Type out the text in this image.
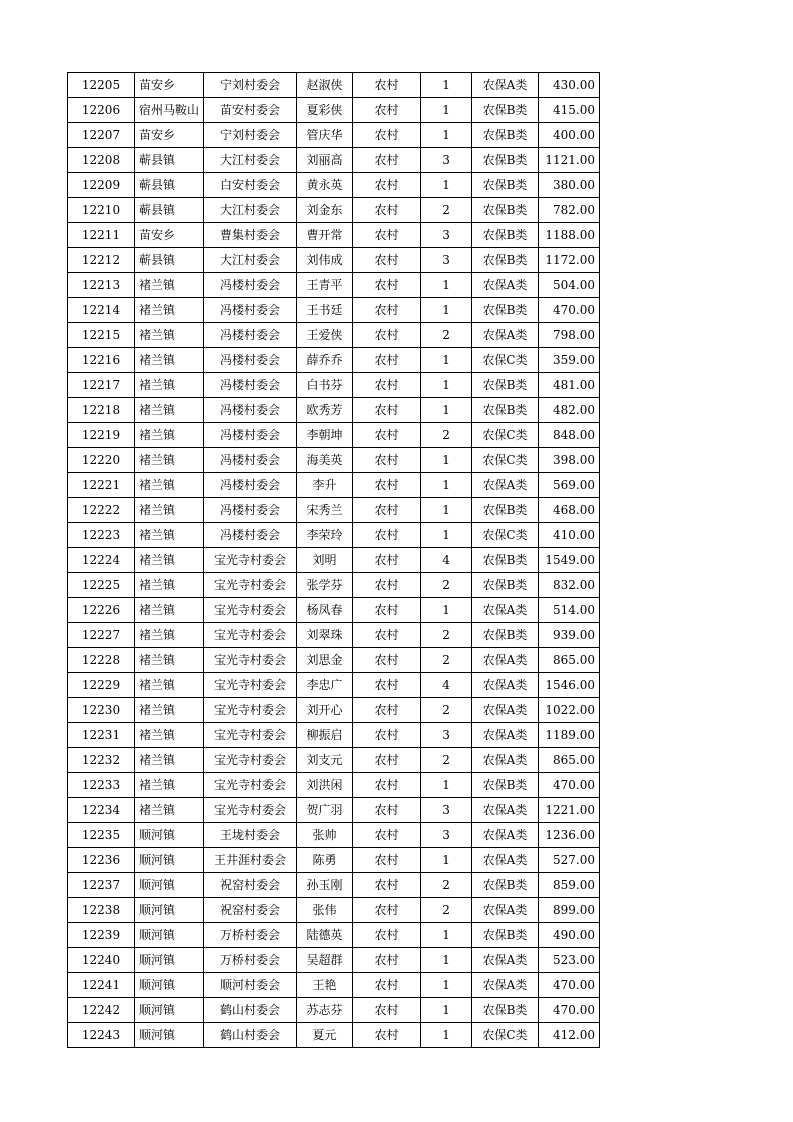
12205	苗安乡	宁刘村委会	赵淑侠	农村	1	农保A类	430.00
12206	宿州马鞍山	苗安村委会	夏彩侠	农村	1	农保B类	415.00
12207	苗安乡	宁刘村委会	管庆华	农村	1	农保B类	400.00
12208	蕲县镇	大江村委会	刘丽高	农村	3	农保B类	1121.00
12209	蕲县镇	白安村委会	黄永英	农村	1	农保B类	380.00
12210	蕲县镇	大江村委会	刘金东	农村	2	农保B类	782.00
12211	苗安乡	曹集村委会	曹开常	农村	3	农保B类	1188.00
12212	蕲县镇	大江村委会	刘伟成	农村	3	农保B类	1172.00
12213	褚兰镇	冯楼村委会	王青平	农村	1	农保A类	504.00
12214	褚兰镇	冯楼村委会	王书廷	农村	1	农保B类	470.00
12215	褚兰镇	冯楼村委会	王爱侠	农村	2	农保A类	798.00
12216	褚兰镇	冯楼村委会	薛乔乔	农村	1	农保C类	359.00
12217	褚兰镇	冯楼村委会	白书芬	农村	1	农保B类	481.00
12218	褚兰镇	冯楼村委会	欧秀芳	农村	1	农保B类	482.00
12219	褚兰镇	冯楼村委会	李朝坤	农村	2	农保C类	848.00
12220	褚兰镇	冯楼村委会	海美英	农村	1	农保C类	398.00
12221	褚兰镇	冯楼村委会	李升	农村	1	农保A类	569.00
12222	褚兰镇	冯楼村委会	宋秀兰	农村	1	农保B类	468.00
12223	褚兰镇	冯楼村委会	李荣玲	农村	1	农保C类	410.00
12224	褚兰镇	宝光寺村委会	刘明	农村	4	农保B类	1549.00
12225	褚兰镇	宝光寺村委会	张学芬	农村	2	农保B类	832.00
12226	褚兰镇	宝光寺村委会	杨凤春	农村	1	农保A类	514.00
12227	褚兰镇	宝光寺村委会	刘翠珠	农村	2	农保B类	939.00
12228	褚兰镇	宝光寺村委会	刘思金	农村	2	农保A类	865.00
12229	褚兰镇	宝光寺村委会	李忠广	农村	4	农保A类	1546.00
12230	褚兰镇	宝光寺村委会	刘开心	农村	2	农保A类	1022.00
12231	褚兰镇	宝光寺村委会	柳振启	农村	3	农保A类	1189.00
12232	褚兰镇	宝光寺村委会	刘支元	农村	2	农保A类	865.00
12233	褚兰镇	宝光寺村委会	刘洪闲	农村	1	农保B类	470.00
12234	褚兰镇	宝光寺村委会	贺广羽	农村	3	农保A类	1221.00
12235	顺河镇	王垅村委会	张帅	农村	3	农保A类	1236.00
12236	顺河镇	王井涯村委会	陈勇	农村	1	农保A类	527.00
12237	顺河镇	祝窑村委会	孙玉刚	农村	2	农保B类	859.00
12238	顺河镇	祝窑村委会	张伟	农村	2	农保A类	899.00
12239	顺河镇	万桥村委会	陆德英	农村	1	农保B类	490.00
12240	顺河镇	万桥村委会	吴超群	农村	1	农保A类	523.00
12241	顺河镇	顺河村委会	王艳	农村	1	农保A类	470.00
12242	顺河镇	鹤山村委会	苏志芬	农村	1	农保B类	470.00
12243	顺河镇	鹤山村委会	夏元	农村	1	农保C类	412.00
